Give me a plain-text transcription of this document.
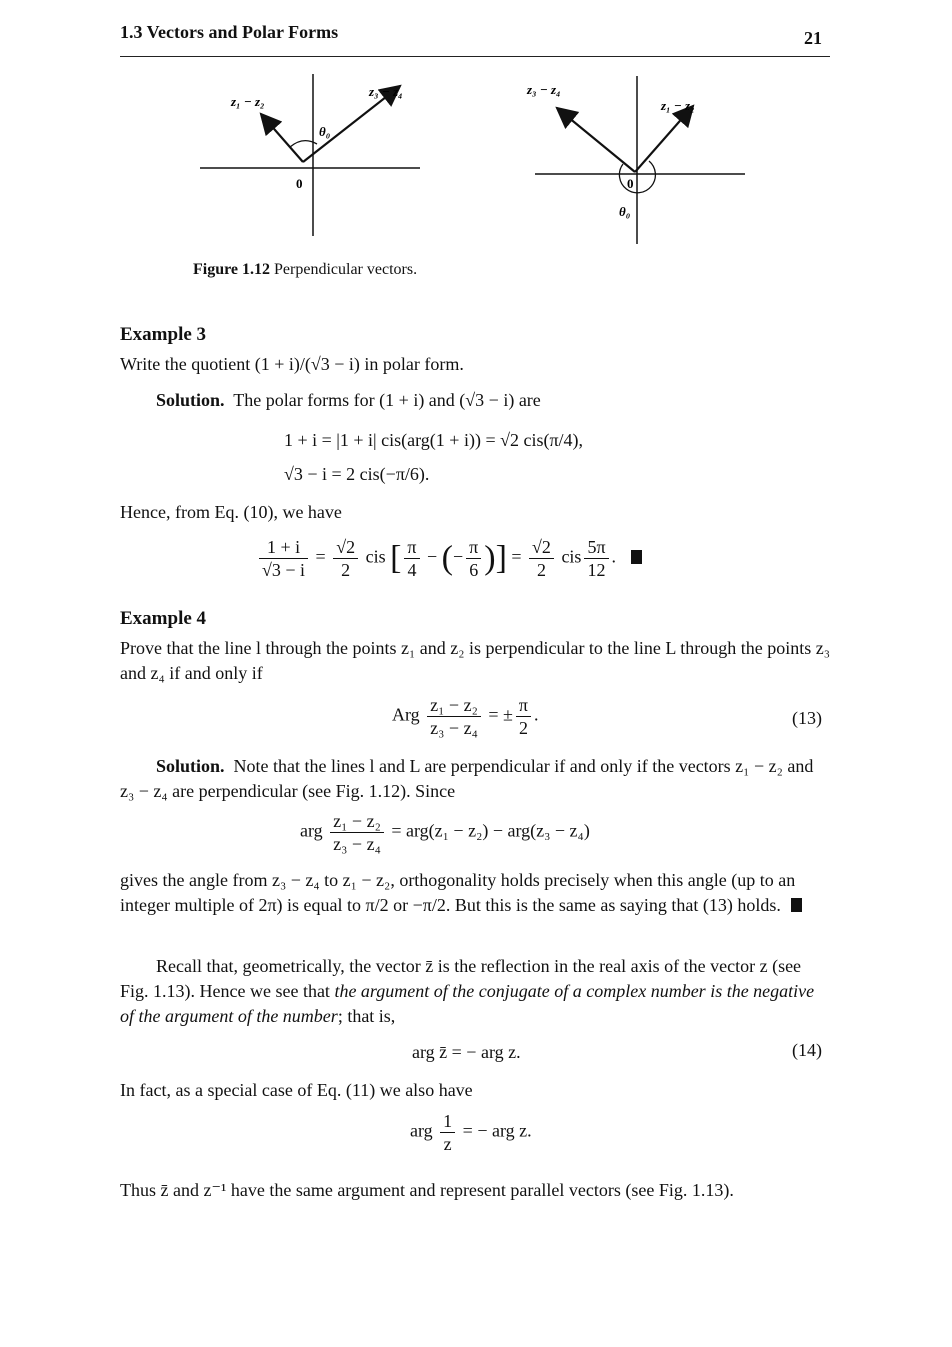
1.3 Vectors and Polar Forms	21
z₁ − z₂
z₃ − z₄
θ₀
0
z₃ − z₄
z₁ − z₂
θ₀
0
Figure 1.12 Perpendicular vectors.
Example 3
Write the quotient (1 + i)/(√3 − i) in polar form.
Solution. The polar forms for (1 + i) and (√3 − i) are
1 + i = |1 + i| cis(arg(1 + i)) = √2 cis(π/4),
√3 − i = 2 cis(−π/6).
Hence, from Eq. (10), we have
$\frac{1 + i}{√3 - i} = \frac{√2}{2}$ cis [ $\frac{\pi}{4}$ − (− $\frac{\pi}{6}$ )] = $\frac{√2}{2}$ cis $\frac{5\pi}{12}$ .
Example 4
Prove that the line l through the points z₁ and z₂ is perpendicular to the line L through the points z₃ and z₄ if and only if
Arg $\frac{\text{z₁ − z₂}}{\text{z₃ − z₄}}$ = ± $\frac{\pi}{2}$ .	(13)
Solution. Note that the lines l and L are perpendicular if and only if the vectors z₁ − z₂ and z₃ − z₄ are perpendicular (see Fig. 1.12). Since
arg $\frac{\text{z₁ − z₂}}{\text{z₃ − z₄}} = arg(z_1 - z_2) - arg(z_3 - z_4)$
gives the angle from z₃ − z₄ to z₁ − z₂, orthogonality holds precisely when this angle (up to an integer multiple of 2π) is equal to π/2 or −π/2. But this is the same as saying that (13) holds.
Recall that, geometrically, the vector z̄ is the reflection in the real axis of the vector z (see Fig. 1.13). Hence we see that the argument of the conjugate of a complex number is the negative of the argument of the number; that is,
arg z̄ = − arg z.	(14)
In fact, as a special case of Eq. (11) we also have
arg $\frac{1}{z}$ = − arg z.
Thus z̄ and z⁻¹ have the same argument and represent parallel vectors (see Fig. 1.13).
